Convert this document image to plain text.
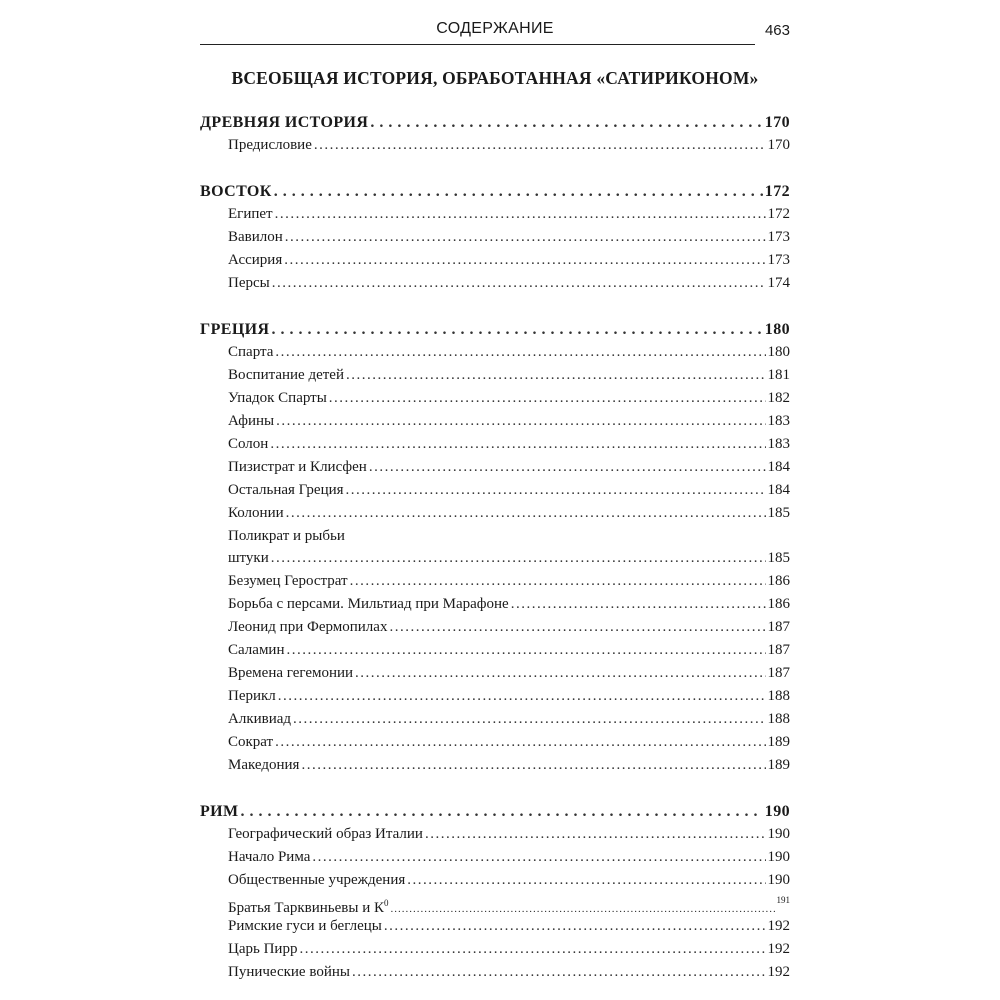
СОДЕРЖАНИЕ	463
ВСЕОБЩАЯ ИСТОРИЯ, ОБРАБОТАННАЯ «САТИРИКОНОМ»
ДРЕВНЯЯ ИСТОРИЯ . . .	170
Предисловие .....	170
ВОСТОК . . .	172
Египет .....	172
Вавилон .....	173
Ассирия .....	173
Персы .....	174
ГРЕЦИЯ . . .	180
Спарта .....	180
Воспитание детей .....	181
Упадок Спарты .....	182
Афины .....	183
Солон .....	183
Пизистрат и Клисфен .....	184
Остальная Греция .....	184
Колонии .....	185
Поликрат и рыбьи
штуки .....	185
Безумец Герострат .....	186
Борьба с персами. Мильтиад при Марафоне .....	186
Леонид при Фермопилах .....	187
Саламин .....	187
Времена гегемонии .....	187
Перикл .....	188
Алкивиад .....	188
Сократ .....	189
Македония .....	189
РИМ . . .	190
Географический образ Италии .....	190
Начало Рима .....	190
Общественные учреждения .....	190
Братья Тарквиньевы и $К^0$ .....	191
Римские гуси и беглецы .....	192
Царь Пирр .....	192
Пунические войны .....	192
